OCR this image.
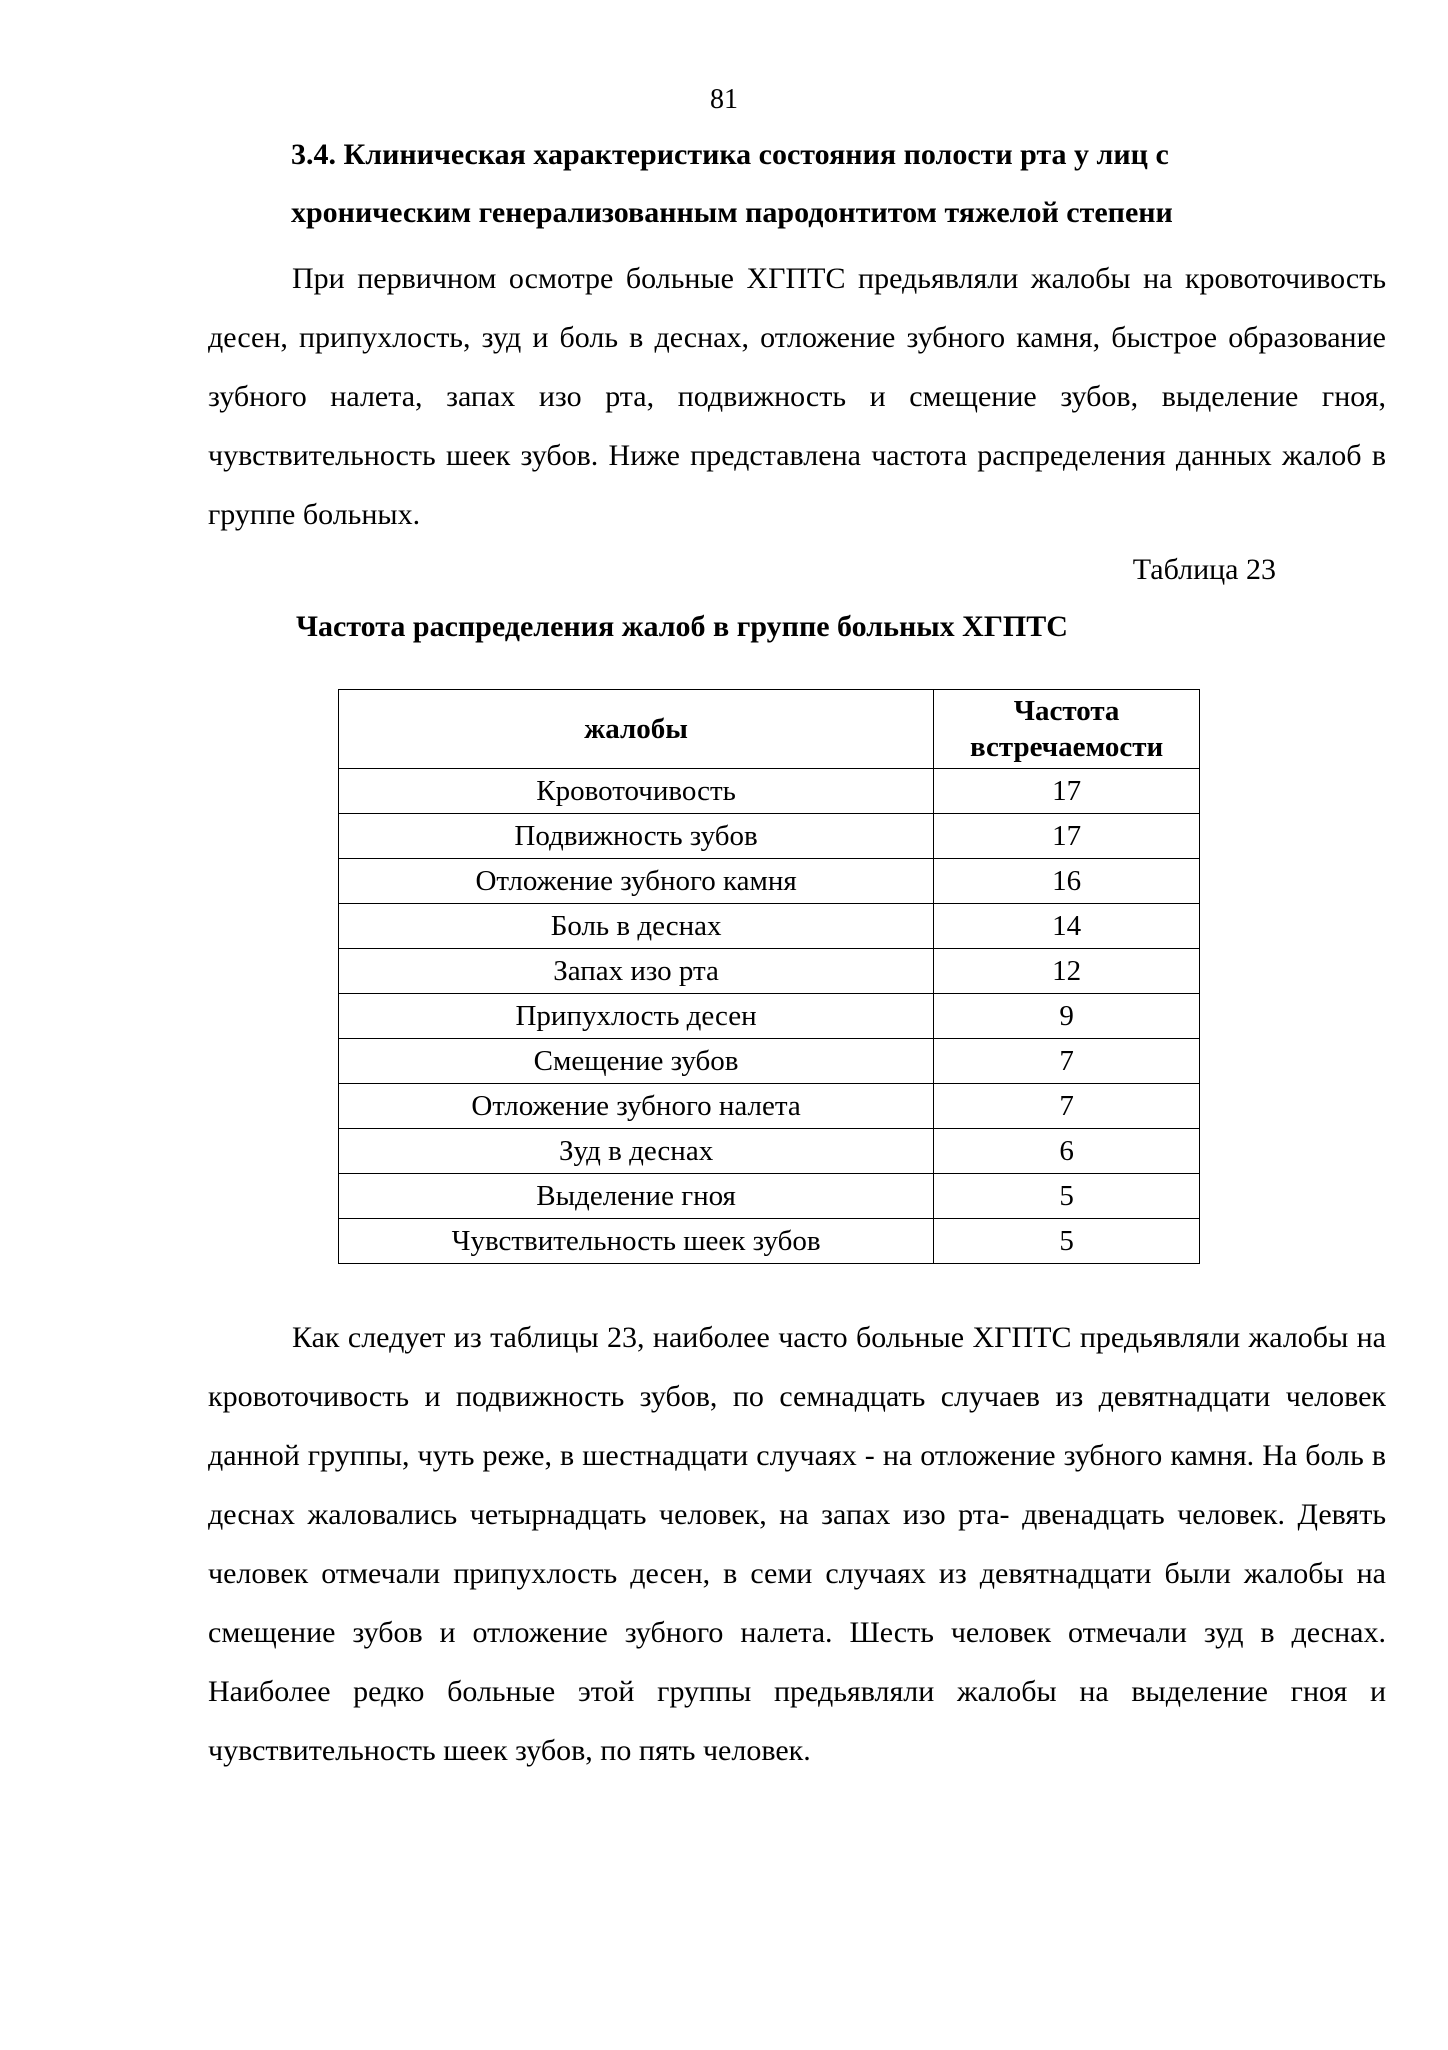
81
3.4. Клиническая характеристика состояния полости рта у лиц с
хроническим генерализованным пародонтитом тяжелой степени

При первичном осмотре больные ХГПТС предьявляли жалобы на кровоточивость десен, припухлость, зуд и боль в деснах, отложение зубного камня, быстрое образование зубного налета, запах изо рта, подвижность и смещение зубов, выделение гноя, чувствительность шеек зубов. Ниже представлена частота распределения данных жалоб в группе больных.

Таблица 23
Частота распределения жалоб в группе больных ХГПТС
жалобы	Частота встречаемости
Кровоточивость	17
Подвижность зубов	17
Отложение зубного камня	16
Боль в деснах	14
Запах изо рта	12
Припухлость десен	9
Смещение зубов	7
Отложение зубного налета	7
Зуд в деснах	6
Выделение гноя	5
Чувствительность шеек зубов	5

Как следует из таблицы 23, наиболее часто больные ХГПТС предьявляли жалобы на кровоточивость и подвижность зубов, по семнадцать случаев из девятнадцати человек данной группы, чуть реже, в шестнадцати случаях - на отложение зубного камня. На боль в деснах жаловались четырнадцать человек, на запах изо рта- двенадцать человек. Девять человек отмечали припухлость десен, в семи случаях из девятнадцати были жалобы на смещение зубов и отложение зубного налета. Шесть человек отмечали зуд в деснах. Наиболее редко больные этой группы предьявляли жалобы на выделение гноя и чувствительность шеек зубов, по пять человек.
